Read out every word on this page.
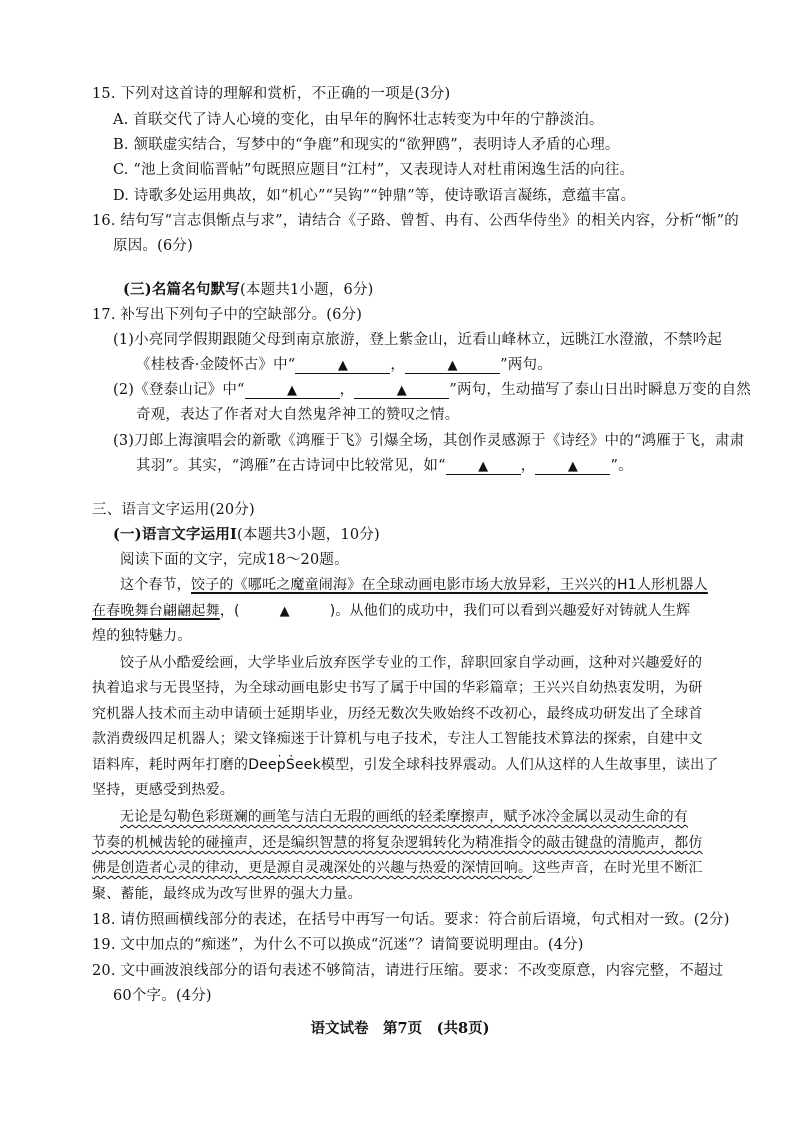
15. 下列对这首诗的理解和赏析，不正确的一项是(3分)
A. 首联交代了诗人心境的变化，由早年的胸怀壮志转变为中年的宁静淡泊。
B. 颔联虚实结合，写梦中的“争鹿”和现实的“欲狎鸥”，表明诗人矛盾的心理。
C. “池上贪间临晋帖”句既照应题目“江村”，又表现诗人对杜甫闲逸生活的向往。
D. 诗歌多处运用典故，如“机心”“吴钩”“钟鼎”等，使诗歌语言凝练，意蕴丰富。
16. 结句写“言志俱惭点与求”，请结合《子路、曾皙、冉有、公西华侍坐》的相关内容，分析“惭”的
原因。(6分)
(三)名篇名句默写(本题共1小题，6分)
17. 补写出下列句子中的空缺部分。(6分)
(1)小亮同学假期跟随父母到南京旅游，登上紫金山，近看山峰林立，远眺江水澄澈，不禁吟起
《桂枝香·金陵怀古》中“	▲	，	▲	”两句。
(2)《登泰山记》中“	▲	，	▲	”两句，生动描写了泰山日出时瞬息万变的自然
奇观，表达了作者对大自然鬼斧神工的赞叹之情。
(3)刀郎上海演唱会的新歌《鸿雁于飞》引爆全场，其创作灵感源于《诗经》中的“鸿雁于飞，肃肃
其羽”。其实，“鸿雁”在古诗词中比较常见，如“ ▲ ， ▲ ”。
三、语言文字运用(20分)
(一)语言文字运用Ⅰ(本题共3小题，10分)
阅读下面的文字，完成18～20题。
这个春节，饺子的《哪吒之魔童闹海》在全球动画电影市场大放异彩，王兴兴的H1人形机器人
在春晚舞台翩翩起舞，(	▲	)。从他们的成功中，我们可以看到兴趣爱好对铸就人生辉
煌的独特魅力。
饺子从小酷爱绘画，大学毕业后放弃医学专业的工作，辞职回家自学动画，这种对兴趣爱好的
执着追求与无畏坚持，为全球动画电影史书写了属于中国的华彩篇章；王兴兴自幼热衷发明，为研
究机器人技术而主动申请硕士延期毕业，历经无数次失败始终不改初心，最终成功研发出了全球首
款消费级四足机器人；梁文锋痴迷 · ·于计算机与电子技术，专注人工智能技术算法的探索，自建中文
语料库，耗时两年打磨的DeepSeek模型，引发全球科技界震动。人们从这样的人生故事里，读出了
坚持，更感受到热爱。
无论是勾勒色彩斑斓的画笔与洁白无瑕的画纸的轻柔摩擦声，赋予冰冷金属以灵动生命的有
节奏的机械齿轮的碰撞声，还是编织智慧的将复杂逻辑转化为精准指令的敲击键盘的清脆声，都仿
佛是创造者心灵的律动，更是源自灵魂深处的兴趣与热爱的深情回响。这些声音，在时光里不断汇
聚、蓄能，最终成为改写世界的强大力量。
18. 请仿照画横线部分的表述，在括号中再写一句话。要求：符合前后语境，句式相对一致。(2分)
19. 文中加点的“痴迷”，为什么不可以换成“沉迷”？请简要说明理由。(4分)
20. 文中画波浪线部分的语句表述不够简洁，请进行压缩。要求：不改变原意，内容完整，不超过
60个字。(4分)
语文试卷　第7页　(共8页)
